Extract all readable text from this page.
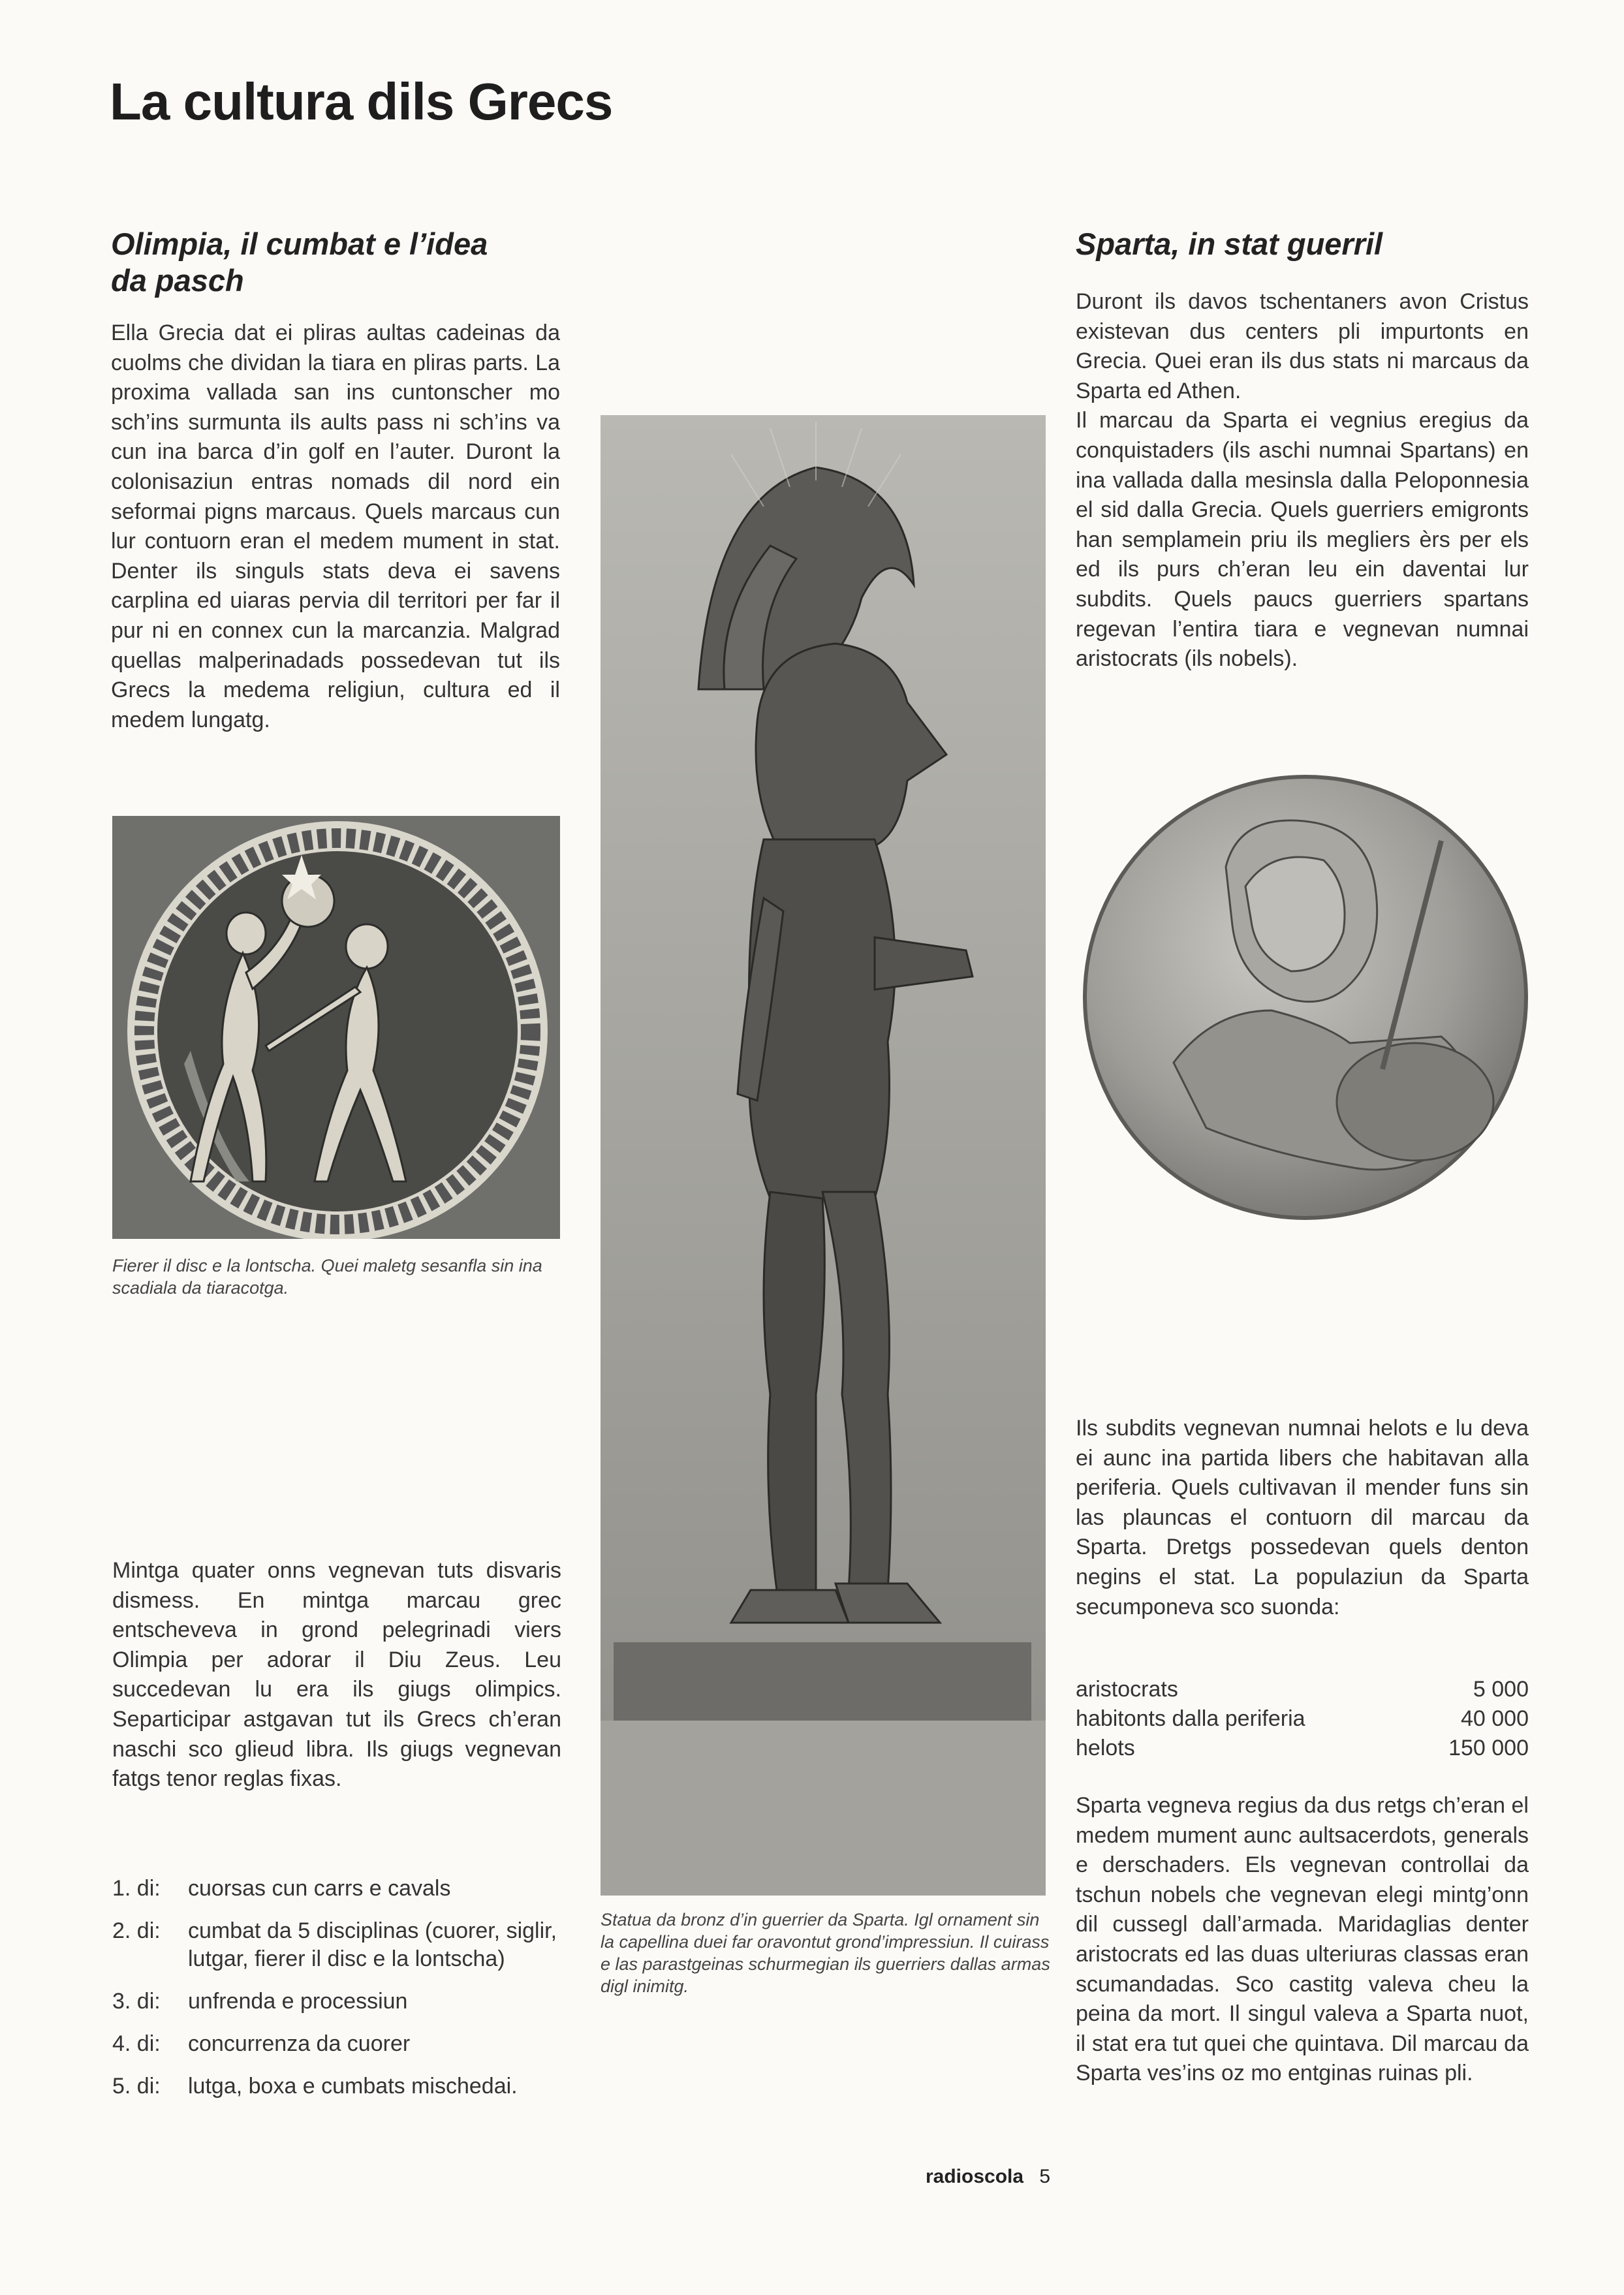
La cultura dils Grecs
Olimpia, il cumbat e l’idea
da pasch

Ella Grecia dat ei pliras aultas cadeinas da cuolms che dividan la tiara en pliras parts. La proxima vallada san ins cuntonscher mo sch’ins surmunta ils aults pass ni sch’ins va cun ina barca d’in golf en l’auter. Duront la colonisaziun entras nomads dil nord ein seformai pigns marcaus. Quels marcaus cun lur contuorn eran el medem mument in stat. Denter ils singuls stats deva ei savens carplina ed uiaras pervia dil territori per far il pur ni en connex cun la marcanzia. Malgrad quellas malperinadads possedevan tut ils Grecs la medema religiun, cultura ed il medem lungatg.

Fierer il disc e la lontscha. Quei maletg sesanfla sin ina scadiala da tiaracotga.

Mintga quater onns vegnevan tuts disvaris dismess. En mintga marcau grec entscheveva in grond pelegrinadi viers Olimpia per adorar il Diu Zeus. Leu succedevan lu era ils giugs olimpics. Separticipar astgavan tut ils Grecs ch’eran naschi sco glieud libra. Ils giugs vegnevan fatgs tenor reglas fixas.

1. di:	cuorsas cun carrs e cavals
2. di:	cumbat da 5 disciplinas (cuorer, siglir, lutgar, fierer il disc e la lontscha)
3. di:	unfrenda e processiun
4. di:	concurrenza da cuorer
5. di:	lutga, boxa e cumbats mischedai.
Statua da bronz d’in guerrier da Sparta. Igl ornament sin la capellina duei far oravontut grond’impressiun. Il cuirass e las parastgeinas schurmegian ils guerriers dallas armas digl inimitg.
Sparta, in stat guerril

Duront ils davos tschentaners avon Cristus existevan dus centers pli impurtonts en Grecia. Quei eran ils dus stats ni marcaus da Sparta ed Athen.

Il marcau da Sparta ei vegnius eregius da conquistaders (ils aschi numnai Spartans) en ina vallada dalla mesinsla dalla Peloponnesia el sid dalla Grecia. Quels guerriers emigronts han semplamein priu ils megliers èrs per els ed ils purs ch’eran leu ein daventai lur subdits. Quels paucs guerriers spartans regevan l’entira tiara e vegnevan numnai aristocrats (ils nobels).

Ils subdits vegnevan numnai helots e lu deva ei aunc ina partida libers che habitavan alla periferia. Quels cultivavan il mender funs sin las plauncas el contuorn dil marcau da Sparta. Dretgs possedevan quels denton negins el stat. La populaziun da Sparta secumponeva sco suonda:

aristocrats	5 000
habitonts dalla periferia	40 000
helots	150 000

Sparta vegneva regius da dus retgs ch’eran el medem mument aunc aultsacerdots, generals e derschaders. Els vegnevan controllai da tschun nobels che vegnevan elegi mintg’onn dil cussegl dall’armada. Maridaglias denter aristocrats ed las duas ulteriuras classas eran scumandadas. Sco castitg valeva cheu la peina da mort. Il singul valeva a Sparta nuot, il stat era tut quei che quintava. Dil marcau da Sparta ves’ins oz mo entginas ruinas pli.

radioscola 5
